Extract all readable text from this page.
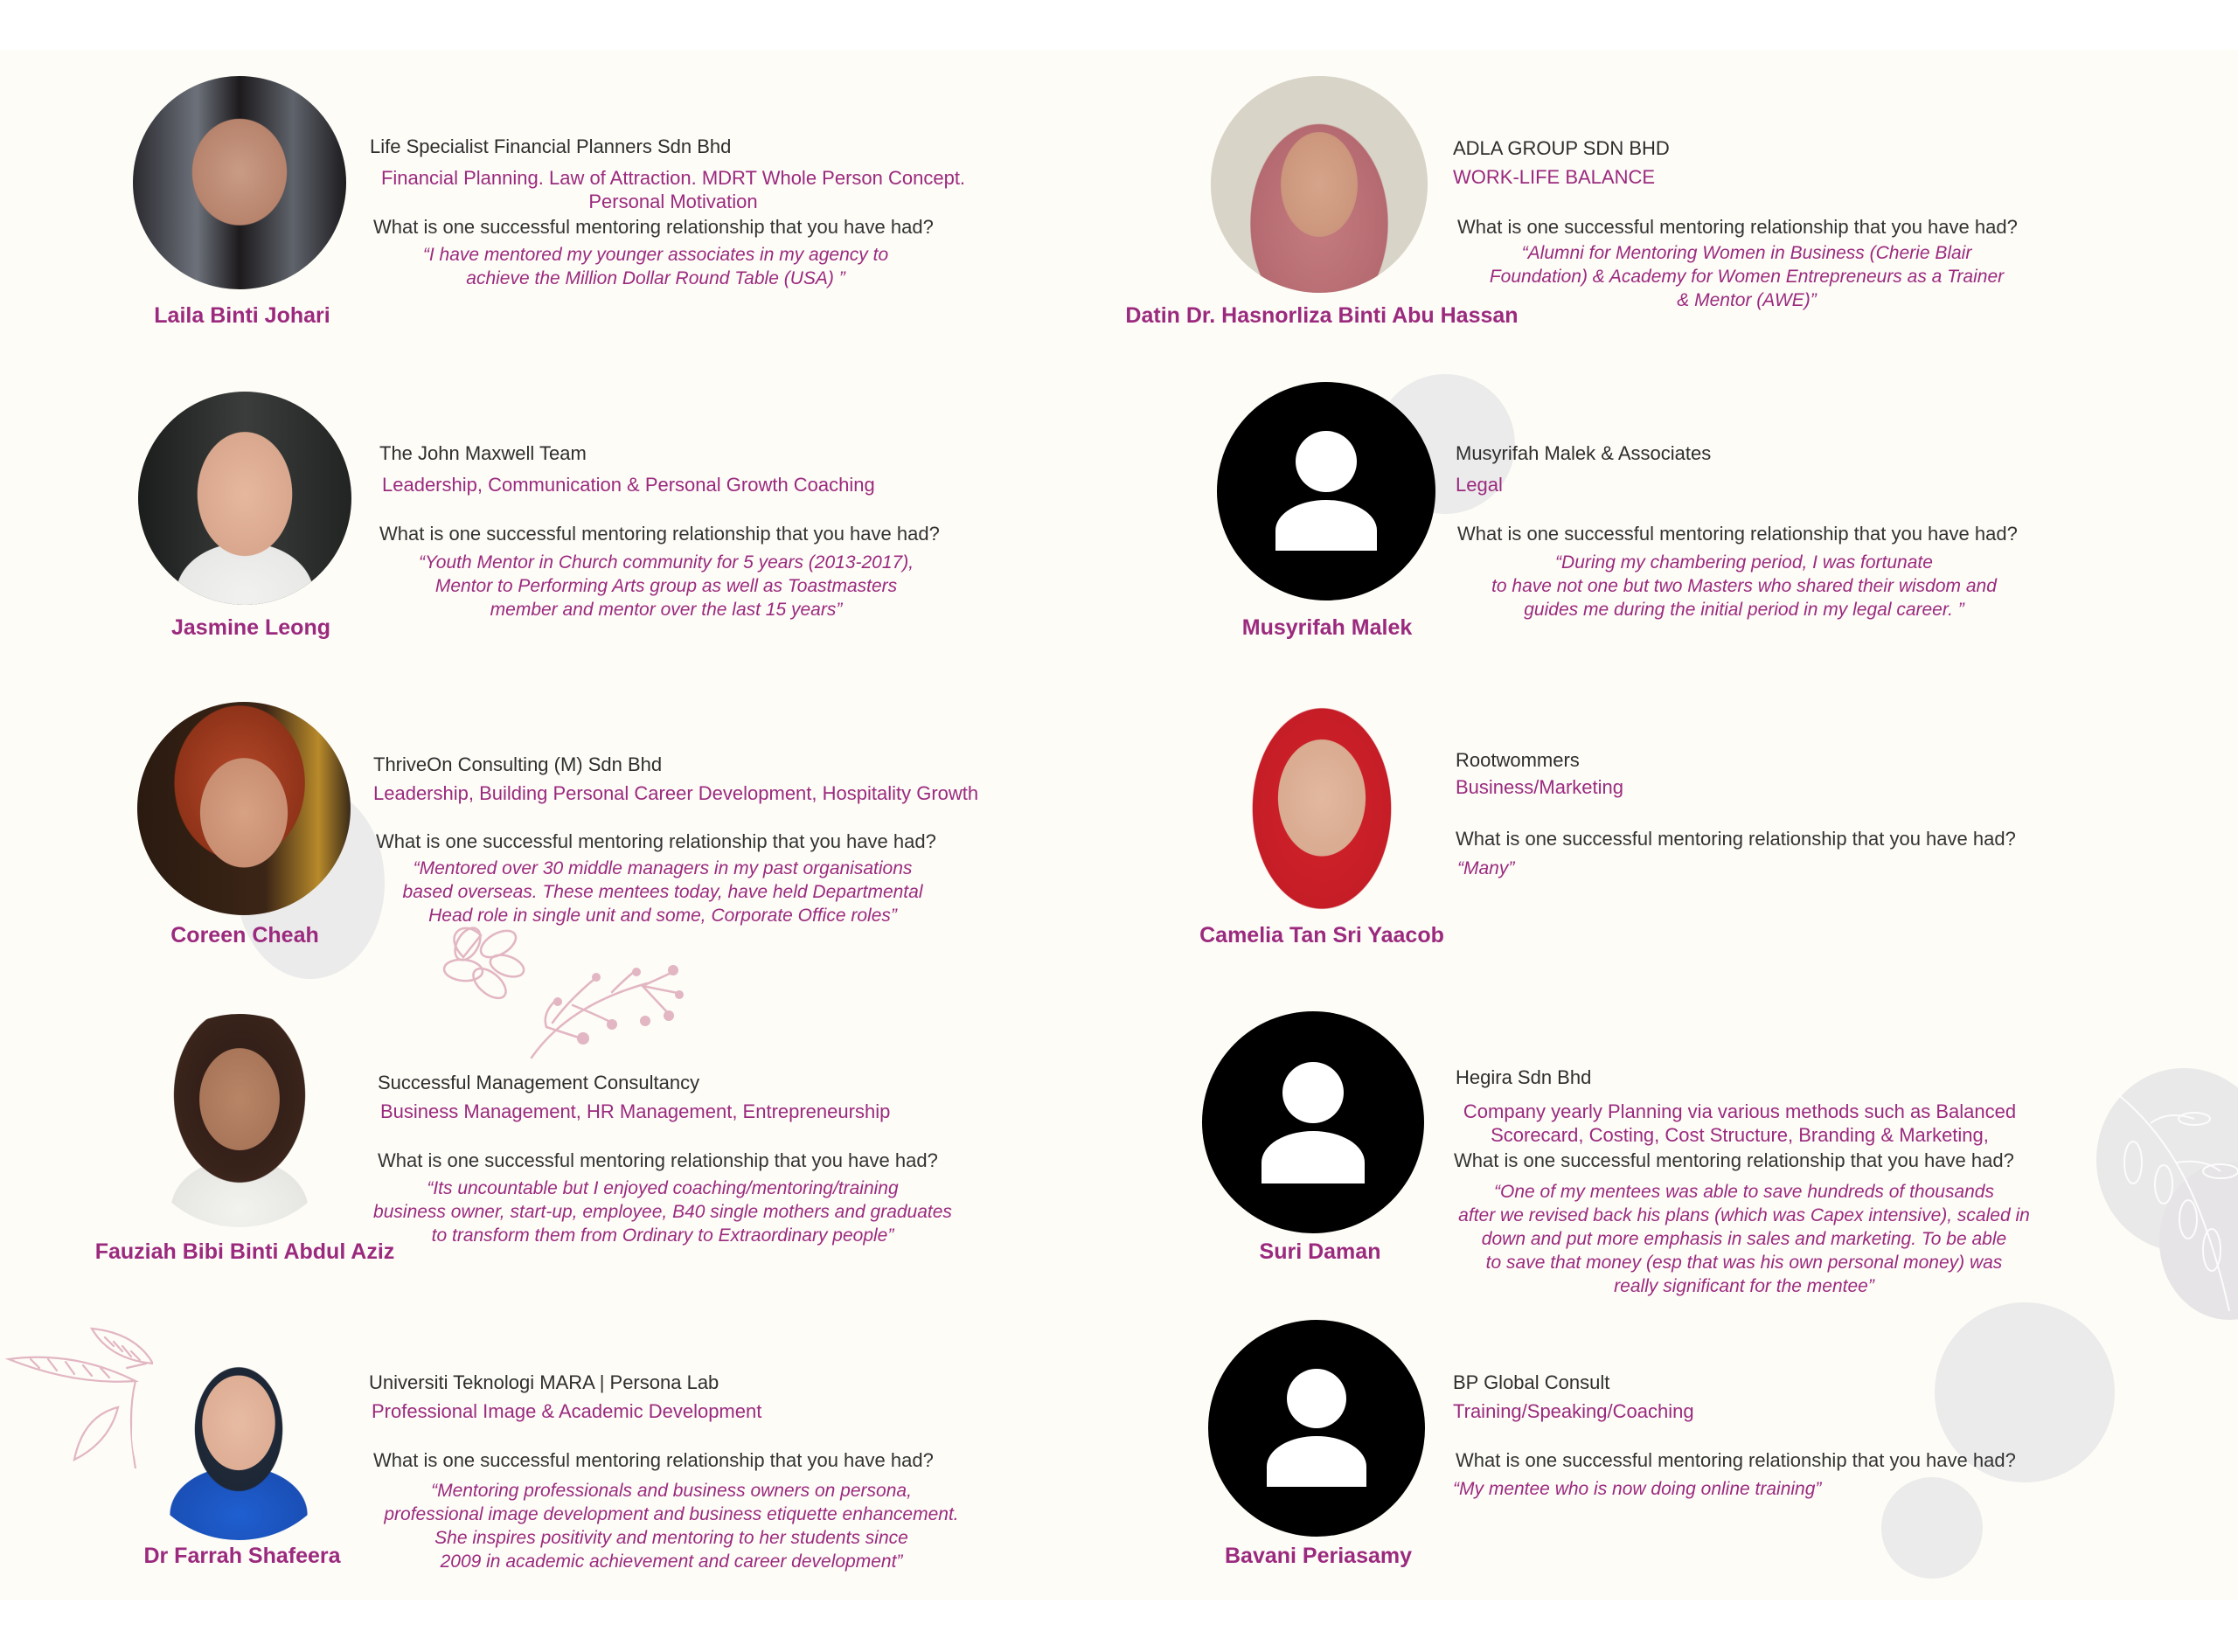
Laila Binti Johari
Life Specialist Financial Planners Sdn Bhd
Financial Planning. Law of Attraction. MDRT Whole Person Concept.
Personal Motivation
What is one successful mentoring relationship that you have had?
“I have mentored my younger associates in my agency to
achieve the Million Dollar Round Table (USA) ”
Datin Dr. Hasnorliza Binti Abu Hassan
ADLA GROUP SDN BHD
WORK-LIFE BALANCE
What is one successful mentoring relationship that you have had?
“Alumni for Mentoring Women in Business (Cherie Blair
Foundation) & Academy for Women Entrepreneurs as a Trainer
& Mentor (AWE)”
Jasmine Leong
The John Maxwell Team
Leadership, Communication & Personal Growth Coaching
What is one successful mentoring relationship that you have had?
“Youth Mentor in Church community for 5 years (2013-2017),
Mentor to Performing Arts group as well as Toastmasters
member and mentor over the last 15 years”
Musyrifah Malek
Musyrifah Malek & Associates
Legal
What is one successful mentoring relationship that you have had?
“During my chambering period, I was fortunate
to have not one but two Masters who shared their wisdom and
guides me during the initial period in my legal career. ”
Coreen Cheah
ThriveOn Consulting (M) Sdn Bhd
Leadership, Building Personal Career Development, Hospitality Growth
What is one successful mentoring relationship that you have had?
“Mentored over 30 middle managers in my past organisations
based overseas. These mentees today, have held Departmental
Head role in single unit and some, Corporate Office roles”
Camelia Tan Sri Yaacob
Rootwommers
Business/Marketing
What is one successful mentoring relationship that you have had?
“Many”
Fauziah Bibi Binti Abdul Aziz
Successful Management Consultancy
Business Management, HR Management, Entrepreneurship
What is one successful mentoring relationship that you have had?
“Its uncountable but I enjoyed coaching/mentoring/training
business owner, start-up, employee, B40 single mothers and graduates
to transform them from Ordinary to Extraordinary people”
Suri Daman
Hegira Sdn Bhd
Company yearly Planning via various methods such as Balanced
Scorecard, Costing, Cost Structure, Branding & Marketing,
What is one successful mentoring relationship that you have had?
“One of my mentees was able to save hundreds of thousands
after we revised back his plans (which was Capex intensive), scaled in
down and put more emphasis in sales and marketing. To be able
to save that money (esp that was his own personal money) was
really significant for the mentee”
Dr Farrah Shafeera
Universiti Teknologi MARA | Persona Lab
Professional Image & Academic Development
What is one successful mentoring relationship that you have had?
“Mentoring professionals and business owners on persona,
professional image development and business etiquette enhancement.
She inspires positivity and mentoring to her students since
2009 in academic achievement and career development”	Bavani Periasamy
BP Global Consult
Training/Speaking/Coaching
What is one successful mentoring relationship that you have had?
“My mentee who is now doing online training”
